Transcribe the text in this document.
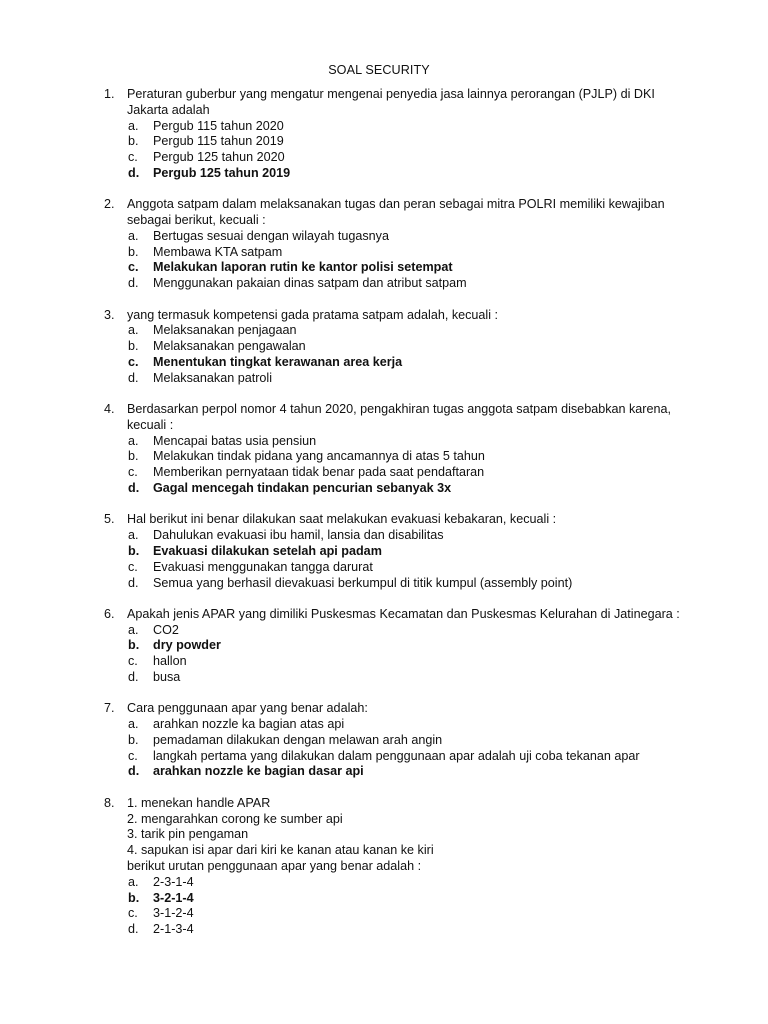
SOAL SECURITY
1. Peraturan guberbur yang mengatur mengenai penyedia jasa lainnya perorangan (PJLP) di DKI
Jakarta adalah
a. Pergub 115 tahun 2020
b. Pergub 115 tahun 2019
c. Pergub 125 tahun 2020
d. Pergub 125 tahun 2019
2. Anggota satpam dalam melaksanakan tugas dan peran sebagai mitra POLRI memiliki kewajiban
sebagai berikut, kecuali :
a. Bertugas sesuai dengan wilayah tugasnya
b. Membawa KTA satpam
c. Melakukan laporan rutin ke kantor polisi setempat
d. Menggunakan pakaian dinas satpam dan atribut satpam
3. yang termasuk kompetensi gada pratama satpam adalah, kecuali :
a. Melaksanakan penjagaan
b. Melaksanakan pengawalan
c. Menentukan tingkat kerawanan area kerja
d. Melaksanakan patroli
4. Berdasarkan perpol nomor 4 tahun 2020, pengakhiran tugas anggota satpam disebabkan karena,
kecuali :
a. Mencapai batas usia pensiun
b. Melakukan tindak pidana yang ancamannya di atas 5 tahun
c. Memberikan pernyataan tidak benar pada saat pendaftaran
d. Gagal mencegah tindakan pencurian sebanyak 3x
5. Hal berikut ini benar dilakukan saat melakukan evakuasi kebakaran, kecuali :
a. Dahulukan evakuasi ibu hamil, lansia dan disabilitas
b. Evakuasi dilakukan setelah api padam
c. Evakuasi menggunakan tangga darurat
d. Semua yang berhasil dievakuasi berkumpul di titik kumpul (assembly point)
6. Apakah jenis APAR yang dimiliki Puskesmas Kecamatan dan Puskesmas Kelurahan di Jatinegara :
a. CO2
b. dry powder
c. hallon
d. busa
7. Cara penggunaan apar yang benar adalah:
a. arahkan nozzle ka bagian atas api
b. pemadaman dilakukan dengan melawan arah angin
c. langkah pertama yang dilakukan dalam penggunaan apar adalah uji coba tekanan apar
d. arahkan nozzle ke bagian dasar api
8. 1. menekan handle APAR
2. mengarahkan corong ke sumber api
3. tarik pin pengaman
4. sapukan isi apar dari kiri ke kanan atau kanan ke kiri
berikut urutan penggunaan apar yang benar adalah :
a. 2-3-1-4
b. 3-2-1-4
c. 3-1-2-4
d. 2-1-3-4
